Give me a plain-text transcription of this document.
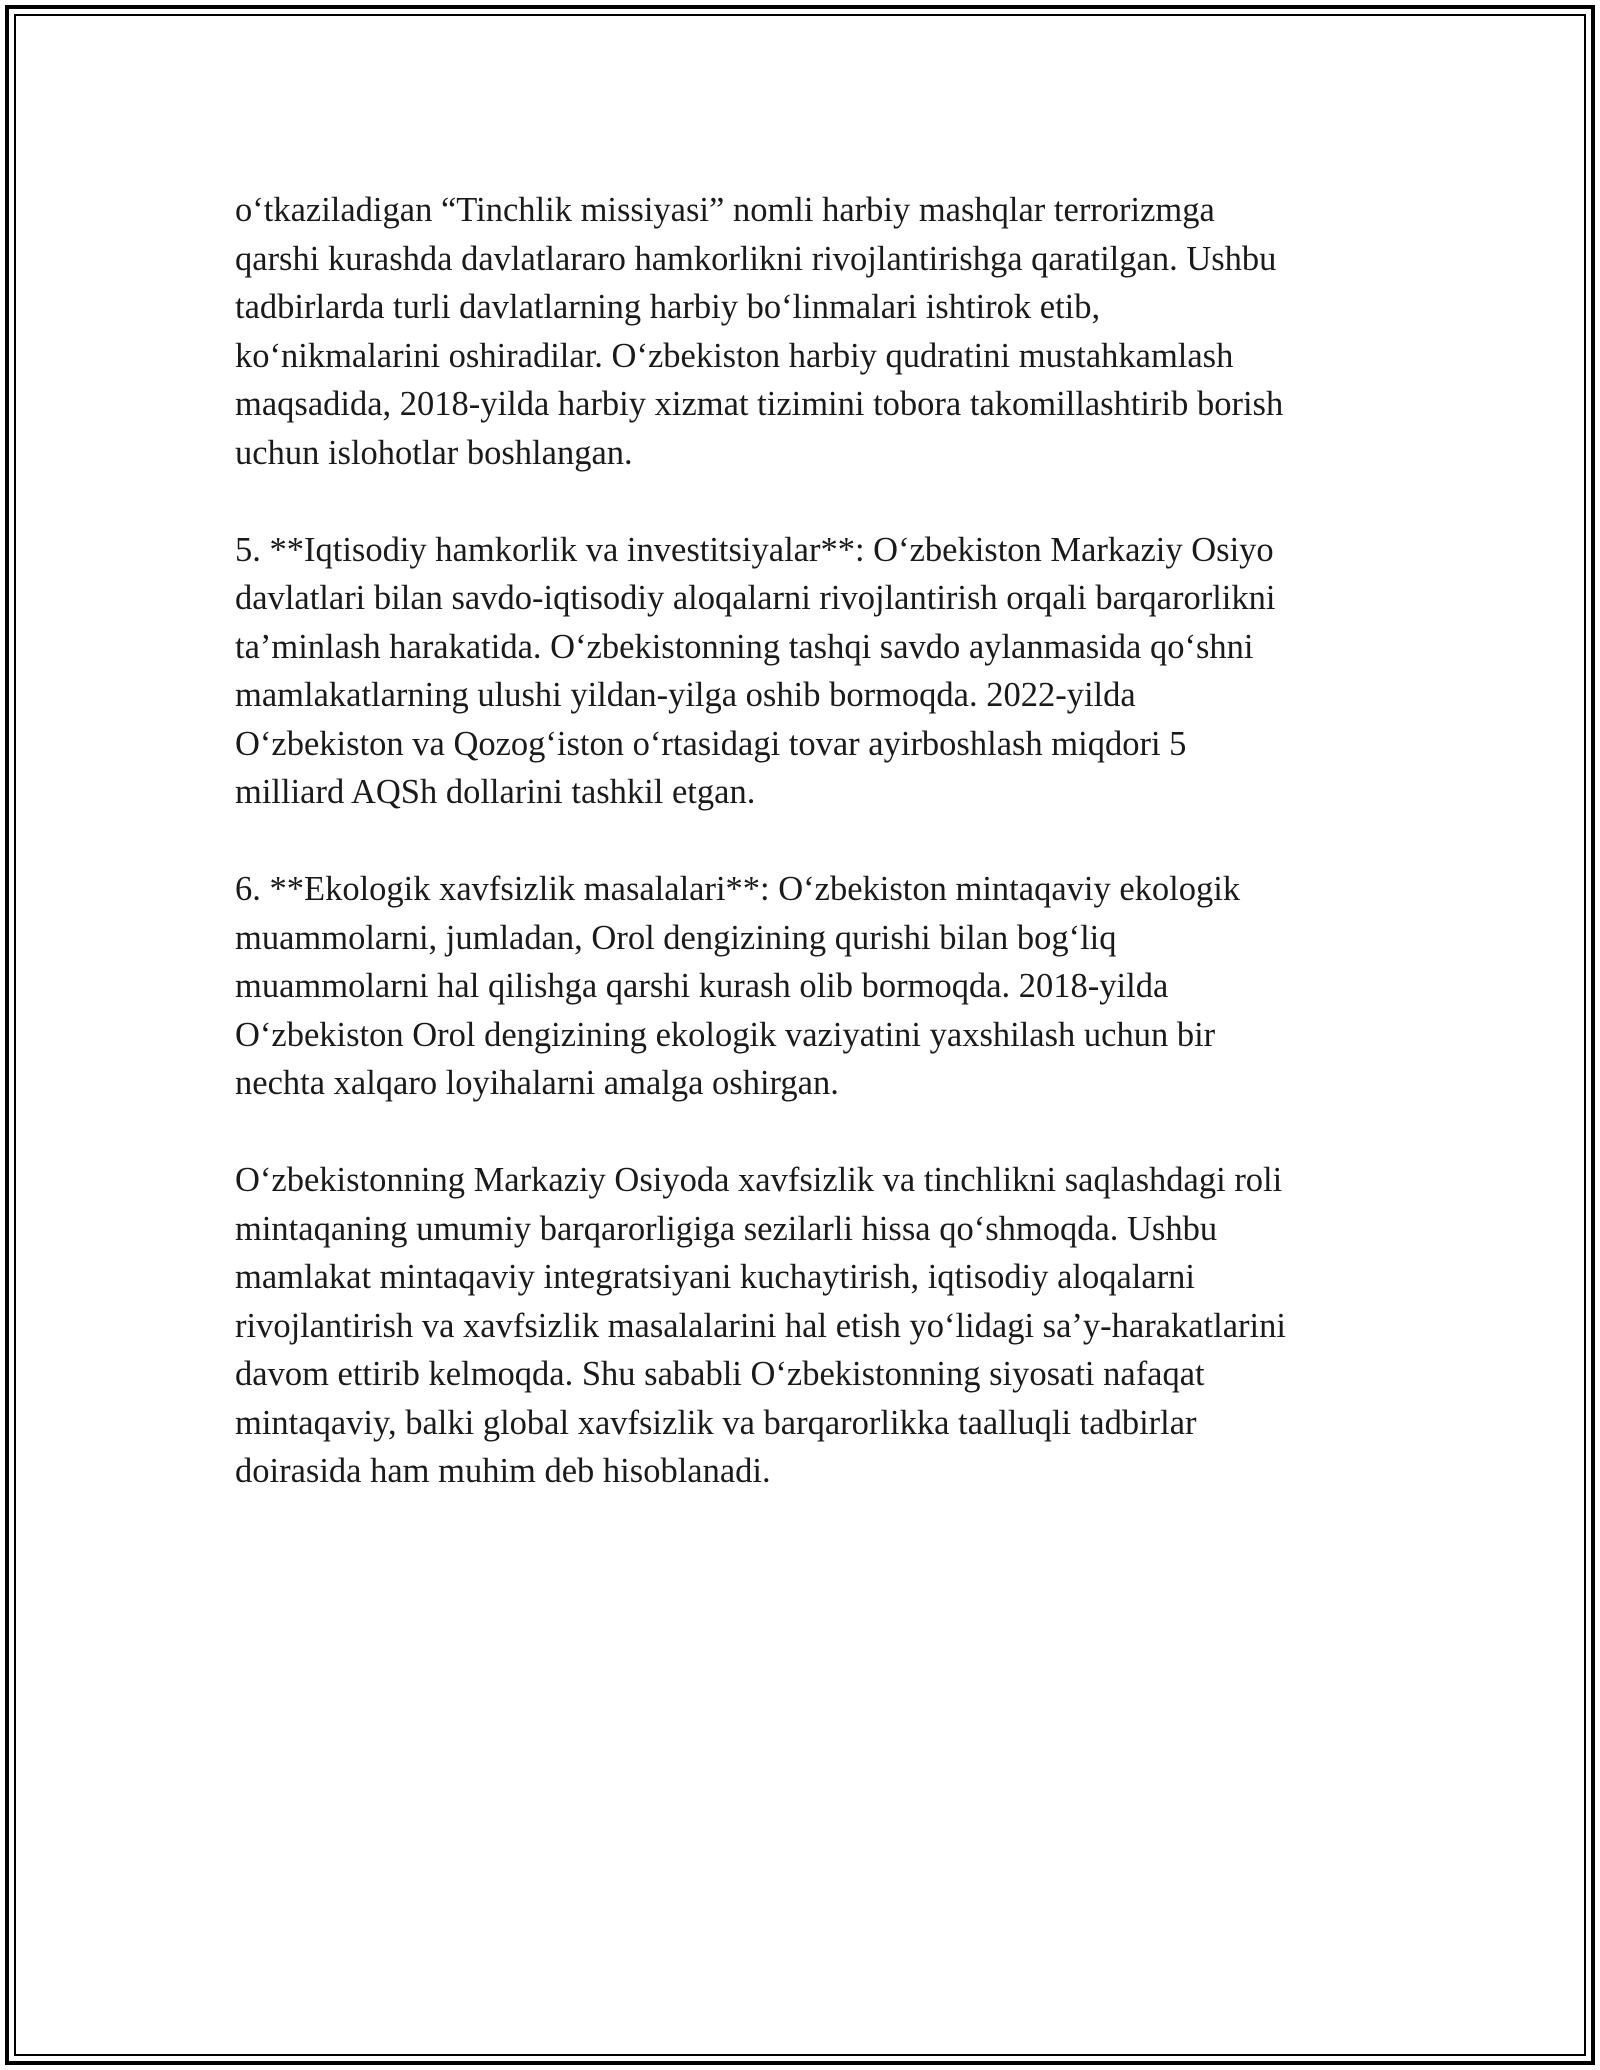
o‘tkaziladigan “Tinchlik missiyasi” nomli harbiy mashqlar terrorizmga
qarshi kurashda davlatlararo hamkorlikni rivojlantirishga qaratilgan. Ushbu
tadbirlarda turli davlatlarning harbiy bo‘linmalari ishtirok etib,
ko‘nikmalarini oshiradilar. O‘zbekiston harbiy qudratini mustahkamlash
maqsadida, 2018-yilda harbiy xizmat tizimini tobora takomillashtirib borish
uchun islohotlar boshlangan.

5. **Iqtisodiy hamkorlik va investitsiyalar**: O‘zbekiston Markaziy Osiyo
davlatlari bilan savdo-iqtisodiy aloqalarni rivojlantirish orqali barqarorlikni
ta’minlash harakatida. O‘zbekistonning tashqi savdo aylanmasida qo‘shni
mamlakatlarning ulushi yildan-yilga oshib bormoqda. 2022-yilda
O‘zbekiston va Qozog‘iston o‘rtasidagi tovar ayirboshlash miqdori 5
milliard AQSh dollarini tashkil etgan.

6. **Ekologik xavfsizlik masalalari**: O‘zbekiston mintaqaviy ekologik
muammolarni, jumladan, Orol dengizining qurishi bilan bog‘liq
muammolarni hal qilishga qarshi kurash olib bormoqda. 2018-yilda
O‘zbekiston Orol dengizining ekologik vaziyatini yaxshilash uchun bir
nechta xalqaro loyihalarni amalga oshirgan.

O‘zbekistonning Markaziy Osiyoda xavfsizlik va tinchlikni saqlashdagi roli
mintaqaning umumiy barqarorligiga sezilarli hissa qo‘shmoqda. Ushbu
mamlakat mintaqaviy integratsiyani kuchaytirish, iqtisodiy aloqalarni
rivojlantirish va xavfsizlik masalalarini hal etish yo‘lidagi sa’y-harakatlarini
davom ettirib kelmoqda. Shu sababli O‘zbekistonning siyosati nafaqat
mintaqaviy, balki global xavfsizlik va barqarorlikka taalluqli tadbirlar
doirasida ham muhim deb hisoblanadi.
